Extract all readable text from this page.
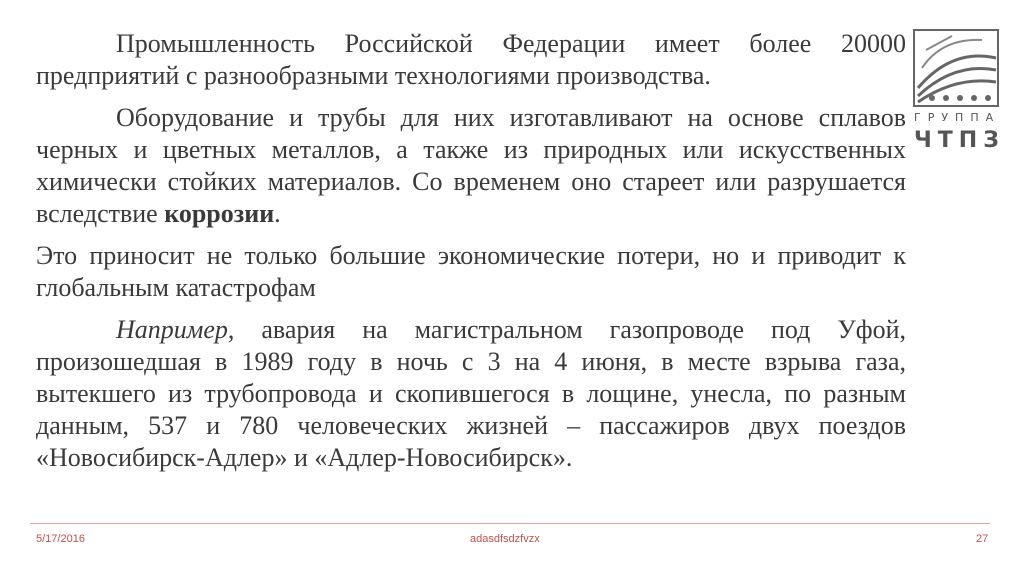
Промышленность Российской Федерации имеет более 20000 предприятий с разнообразными технологиями производства.

Оборудование и трубы для них изготавливают на основе сплавов черных и цветных металлов, а также из природных или искусственных химически стойких материалов. Со временем оно стареет или разрушается вследствие коррозии.

Это приносит не только большие экономические потери, но и приводит к глобальным катастрофам

Например, авария на магистральном газопроводе под Уфой, произошедшая в 1989 году в ночь с 3 на 4 июня, в месте взрыва газа, вытекшего из трубопровода и скопившегося в лощине, унесла, по разным данным, 537 и 780 человеческих жизней – пассажиров двух поездов «Новосибирск-Адлер» и «Адлер-Новосибирск».

ГРУППА
ЧТПЗ
5/17/2016	adasdfsdzfvzx	27
